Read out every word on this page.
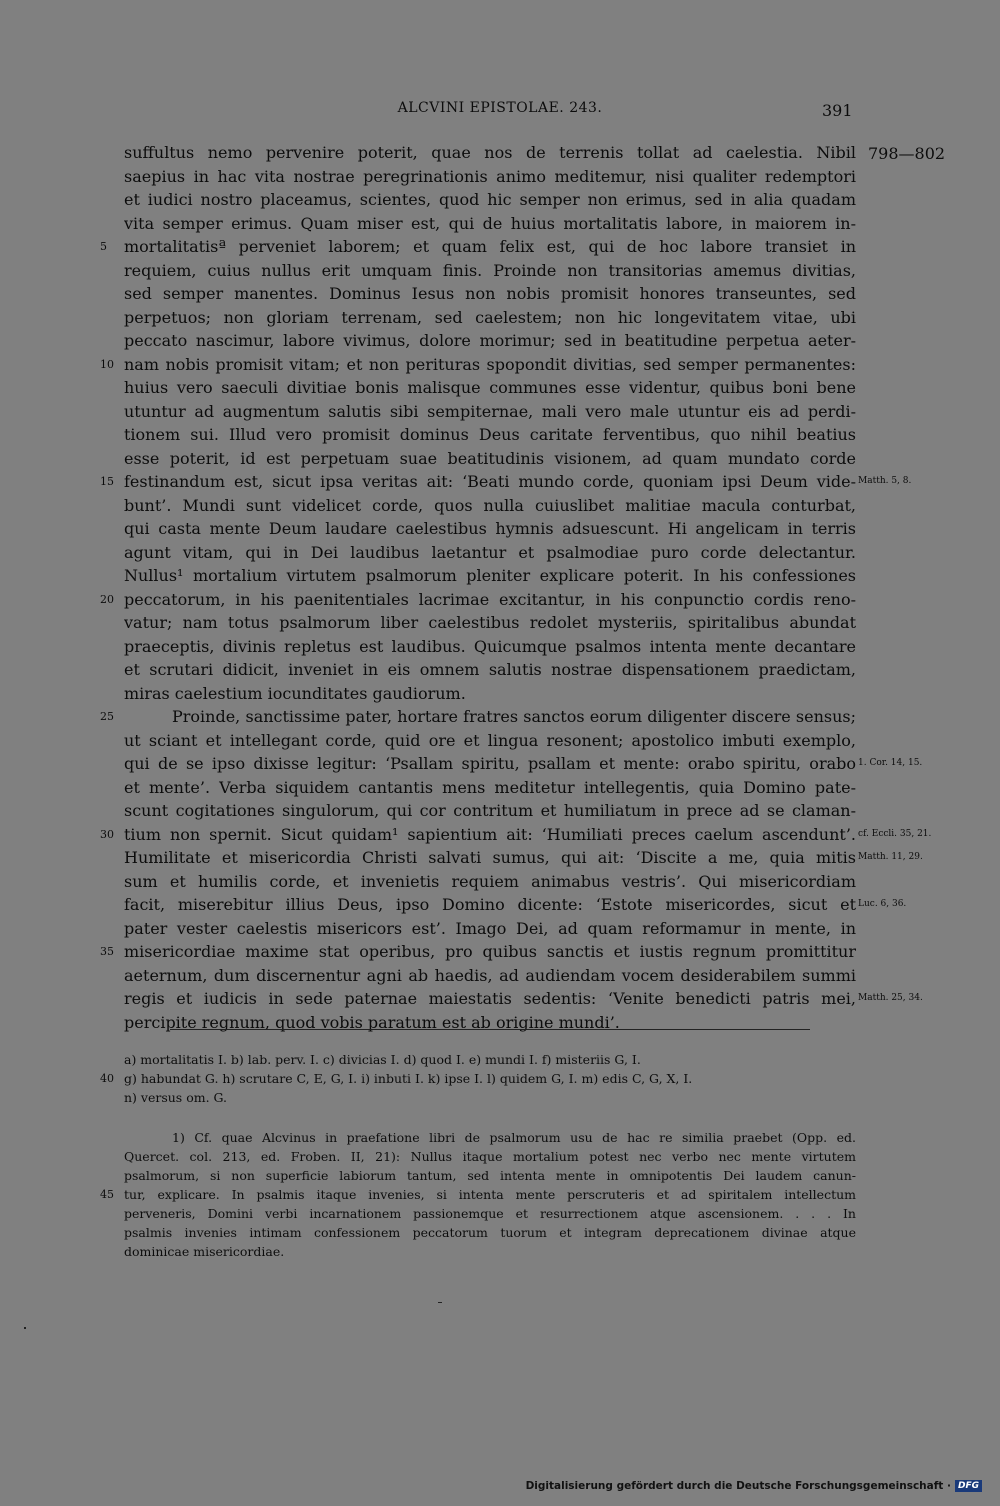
ALCVINI EPISTOLAE. 243.	391
798—802
suffultus nemo pervenire poterit, quae nos de terrenis tollat ad caelestia. Nibil
saepius in hac vita nostrae peregrinationis animo meditemur, nisi qualiter redemptori
et iudici nostro placeamus, scientes, quod hic semper non erimus, sed in alia quadam
vita semper erimus. Quam miser est, qui de huius mortalitatis labore, in maiorem in-
mortalitatisª perveniet laborem; et quam felix est, qui de hoc labore transiet in
requiem, cuius nullus erit umquam finis. Proinde non transitorias amemus divitias,
sed semper manentes. Dominus Iesus non nobis promisit honores transeuntes, sed
perpetuos; non gloriam terrenam, sed caelestem; non hic longevitatem vitae, ubi
peccato nascimur, labore vivimus, dolore morimur; sed in beatitudine perpetua aeter-
nam nobis promisit vitam; et non perituras spopondit divitias, sed semper permanentes:
huius vero saeculi divitiae bonis malisque communes esse videntur, quibus boni bene
utuntur ad augmentum salutis sibi sempiternae, mali vero male utuntur eis ad perdi-
tionem sui. Illud vero promisit dominus Deus caritate ferventibus, quo nihil beatius
esse poterit, id est perpetuam suae beatitudinis visionem, ad quam mundato corde
festinandum est, sicut ipsa veritas ait: ‘Beati mundo corde, quoniam ipsi Deum vide-
bunt’. Mundi sunt videlicet corde, quos nulla cuiuslibet malitiae macula conturbat,
qui casta mente Deum laudare caelestibus hymnis adsuescunt. Hi angelicam in terris
agunt vitam, qui in Dei laudibus laetantur et psalmodiae puro corde delectantur.
Nullus¹ mortalium virtutem psalmorum pleniter explicare poterit. In his confessiones
peccatorum, in his paenitentiales lacrimae excitantur, in his conpunctio cordis reno-
vatur; nam totus psalmorum liber caelestibus redolet mysteriis, spiritalibus abundat
praeceptis, divinis repletus est laudibus. Quicumque psalmos intenta mente decantare
et scrutari didicit, inveniet in eis omnem salutis nostrae dispensationem praedictam,
miras caelestium iocunditates gaudiorum.
Proinde, sanctissime pater, hortare fratres sanctos eorum diligenter discere sensus;
ut sciant et intellegant corde, quid ore et lingua resonent; apostolico imbuti exemplo,
qui de se ipso dixisse legitur: ‘Psallam spiritu, psallam et mente: orabo spiritu, orabo
et mente’. Verba siquidem cantantis mens meditetur intellegentis, quia Domino pate-
scunt cogitationes singulorum, qui cor contritum et humiliatum in prece ad se claman-
tium non spernit. Sicut quidam¹ sapientium ait: ‘Humiliati preces caelum ascendunt’.
Humilitate et misericordia Christi salvati sumus, qui ait: ‘Discite a me, quia mitis
sum et humilis corde, et invenietis requiem animabus vestris’. Qui misericordiam
facit, miserebitur illius Deus, ipso Domino dicente: ‘Estote misericordes, sicut et
pater vester caelestis misericors est’. Imago Dei, ad quam reformamur in mente, in
misericordiae maxime stat operibus, pro quibus sanctis et iustis regnum promittitur
aeternum, dum discernentur agni ab haedis, ad audiendam vocem desiderabilem summi
regis et iudicis in sede paternae maiestatis sedentis: ‘Venite benedicti patris mei,
percipite regnum, quod vobis paratum est ab origine mundi’.
5
10
15
20
25
30
35
Matth. 5, 8.
1. Cor. 14, 15.
cf. Eccli. 35, 21.
Matth. 11, 29.
Luc. 6, 36.
Matth. 25, 34.
a) mortalitatis I. b) lab. perv. I. c) divicias I. d) quod I. e) mundi I. f) misteriis G, I.
g) habundat G. h) scrutare C, E, G, I. i) inbuti I. k) ipse I. l) quidem G, I. m) edis C, G, X, I.
n) versus om. G.
40
1) Cf. quae Alcvinus in praefatione libri de psalmorum usu de hac re similia praebet (Opp. ed.
Quercet. col. 213, ed. Froben. II, 21): Nullus itaque mortalium potest nec verbo nec mente virtutem
psalmorum, si non superficie labiorum tantum, sed intenta mente in omnipotentis Dei laudem canun-
tur, explicare. In psalmis itaque invenies, si intenta mente perscruteris et ad spiritalem intellectum
perveneris, Domini verbi incarnationem passionemque et resurrectionem atque ascensionem. . . . In
psalmis invenies intimam confessionem peccatorum tuorum et integram deprecationem divinae atque
dominicae misericordiae.
45
Digitalisierung gefördert durch die Deutsche Forschungsgemeinschaft · DFG
